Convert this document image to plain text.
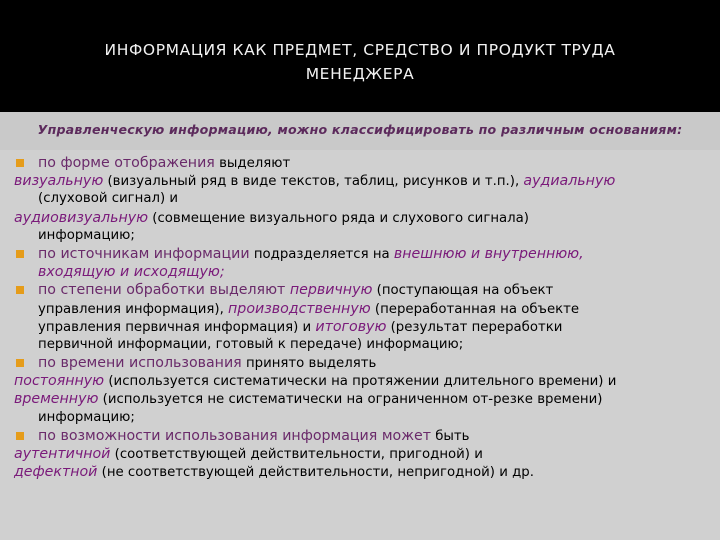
ИНФОРМАЦИЯ КАК ПРЕДМЕТ, СРЕДСТВО И ПРОДУКТ ТРУДА
МЕНЕДЖЕРА
Управленческую информацию, можно классифицировать по различным основаниям:
по форме отображения выделяют
визуальную (визуальный ряд в виде текстов, таблиц, рисунков и т.п.), аудиальную
(слуховой сигнал) и
аудиовизуальную (совмещение визуального ряда и слухового сигнала)
информацию;
по источникам информации подразделяется на внешнюю и внутреннюю,
входящую и исходящую;
по степени обработки выделяют первичную (поступающая на объект
управления информация), производственную (переработанная на объекте
управления первичная информация) и итоговую (результат переработки
первичной информации, готовый к передаче) информацию;
по времени использования принято выделять
постоянную (используется систематически на протяжении длительного времени) и
временную (используется не систематически на ограниченном от-резке времени)
информацию;
по возможности использования информация может быть
аутентичной (соответствующей действительности, пригодной) и
дефектной (не соответствующей действительности, непригодной) и др.
